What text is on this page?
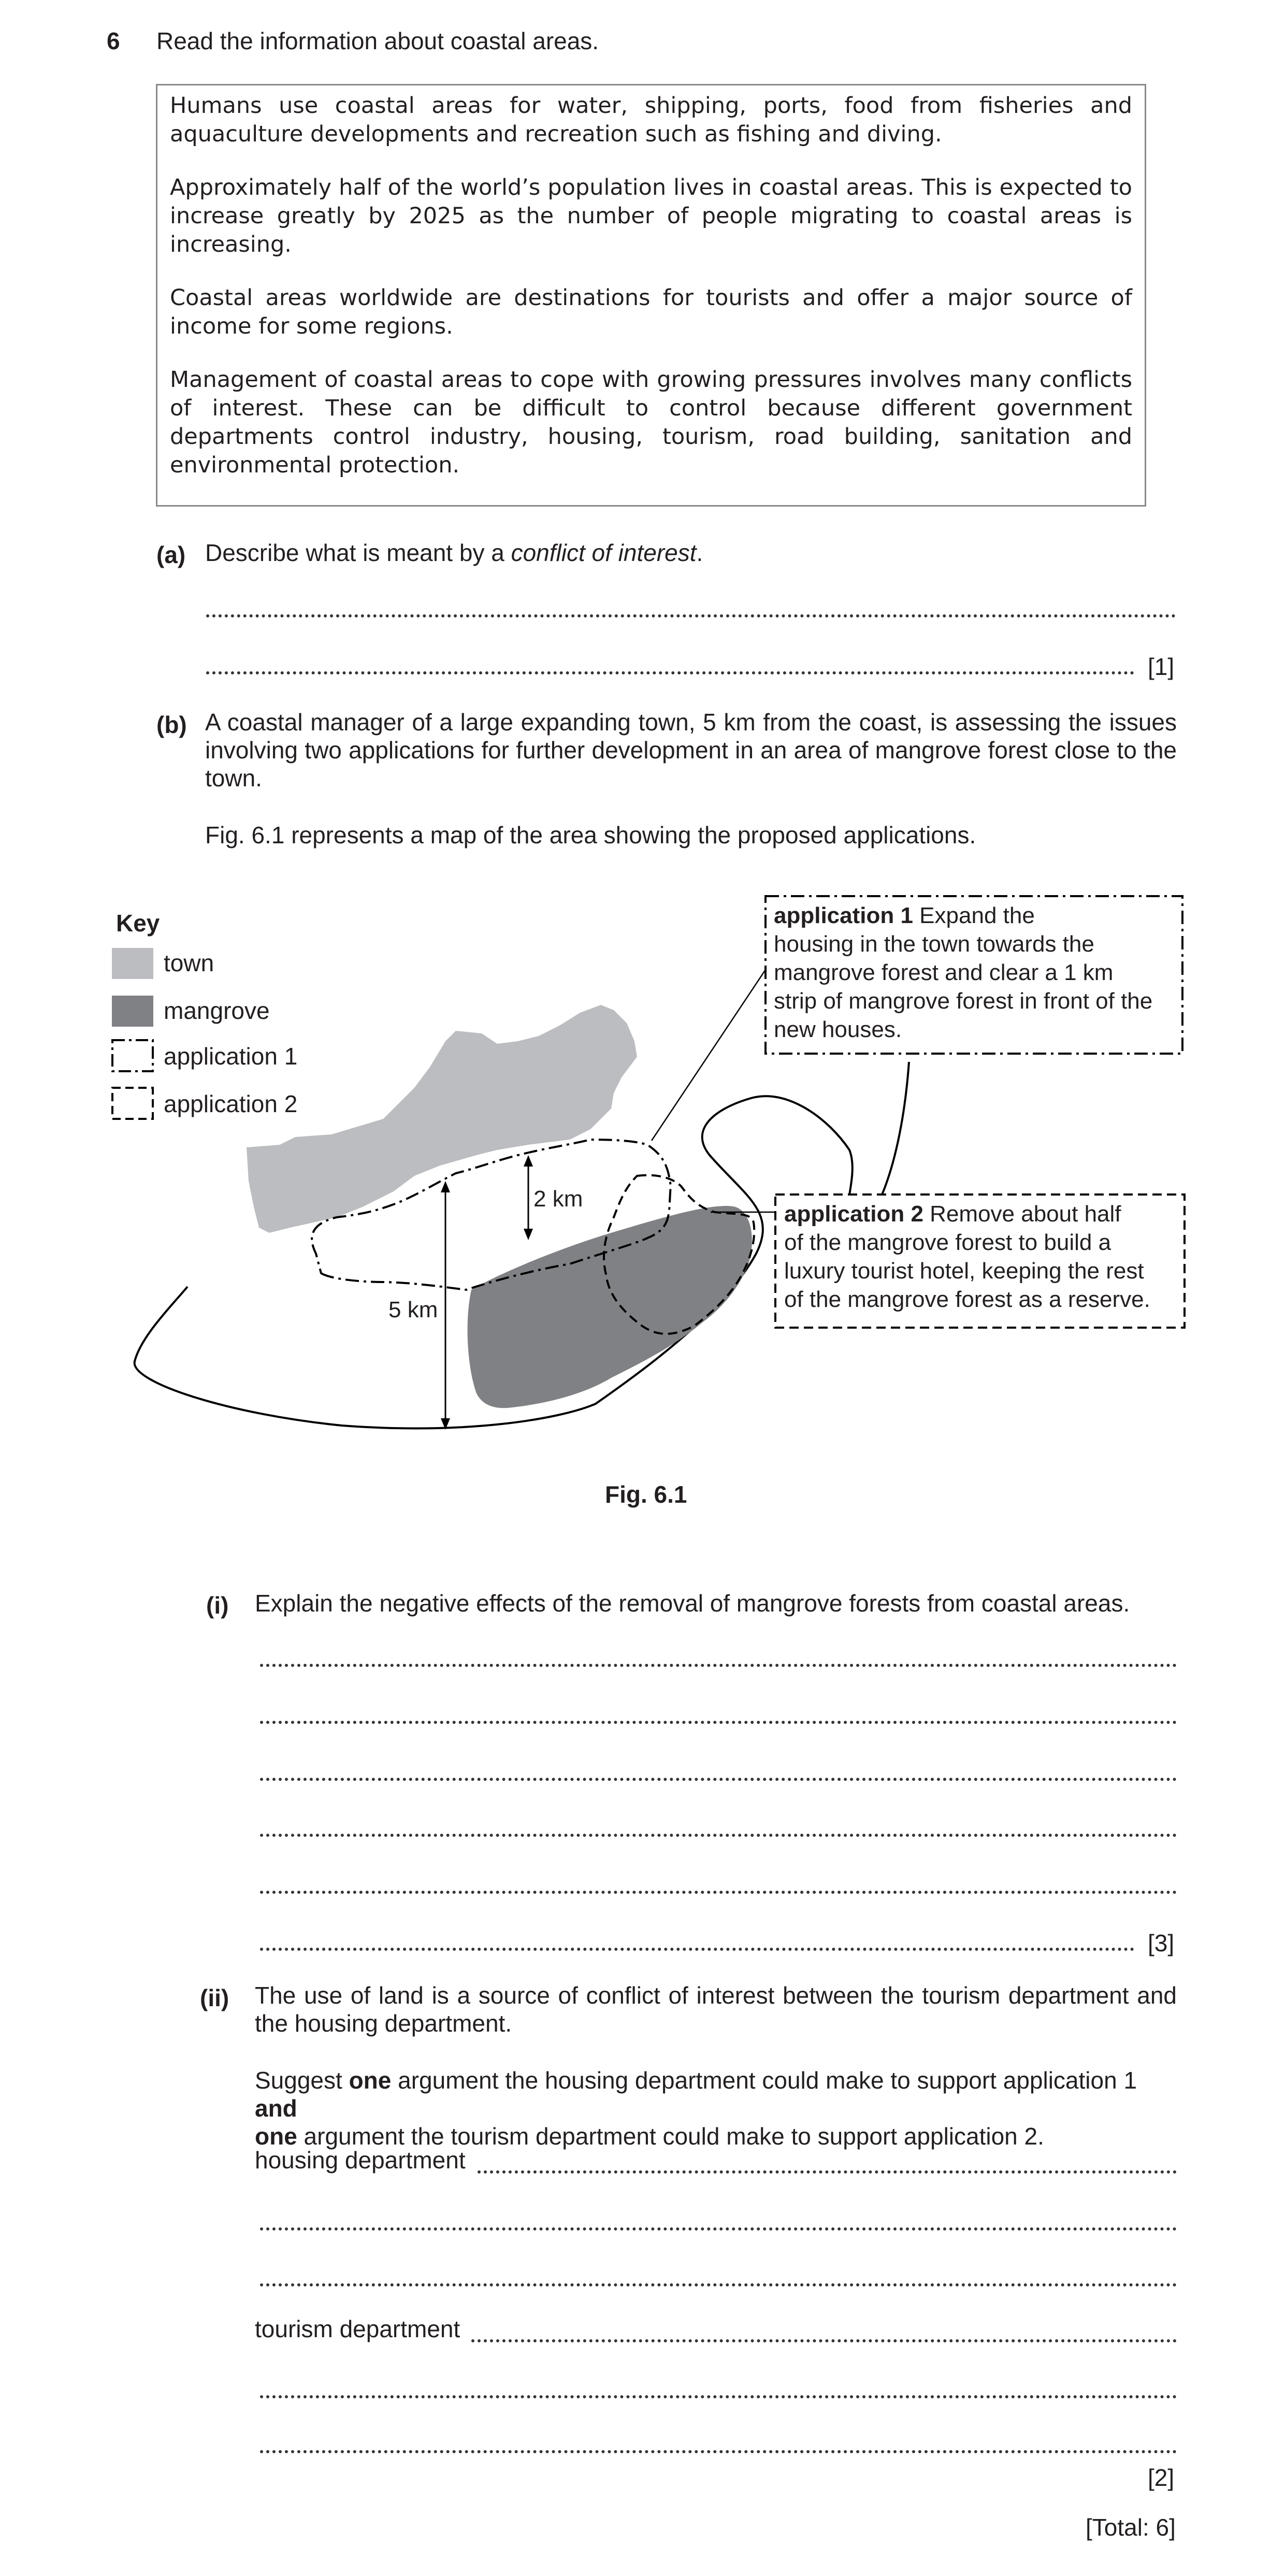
6 Read the information about coastal areas.

Humans use coastal areas for water, shipping, ports, food from fisheries and aquaculture developments and recreation such as fishing and diving.

Approximately half of the world’s population lives in coastal areas. This is expected to increase greatly by 2025 as the number of people migrating to coastal areas is increasing.

Coastal areas worldwide are destinations for tourists and offer a major source of income for some regions.

Management of coastal areas to cope with growing pressures involves many conflicts of interest. These can be difficult to control because different government departments control industry, housing, tourism, road building, sanitation and environmental protection.

(a) Describe what is meant by a conflict of interest.
[1]
(b) A coastal manager of a large expanding town, 5 km from the coast, is assessing the issues involving two applications for further development in an area of mangrove forest close to the town.
Fig. 6.1 represents a map of the area showing the proposed applications.
Key
town
mangrove
application 1
application 2
application 1 Expand the
housing in the town towards the
mangrove forest and clear a 1 km
strip of mangrove forest in front of the
new houses.
application 2 Remove about half
of the mangrove forest to build a
luxury tourist hotel, keeping the rest
of the mangrove forest as a reserve.
2 km
5 km
Fig. 6.1
(i) Explain the negative effects of the removal of mangrove forests from coastal areas.
[3]
(ii) The use of land is a source of conflict of interest between the tourism department and the housing department.
Suggest one argument the housing department could make to support application 1 and
one argument the tourism department could make to support application 2.
housing department
tourism department
[2]
[Total: 6]
